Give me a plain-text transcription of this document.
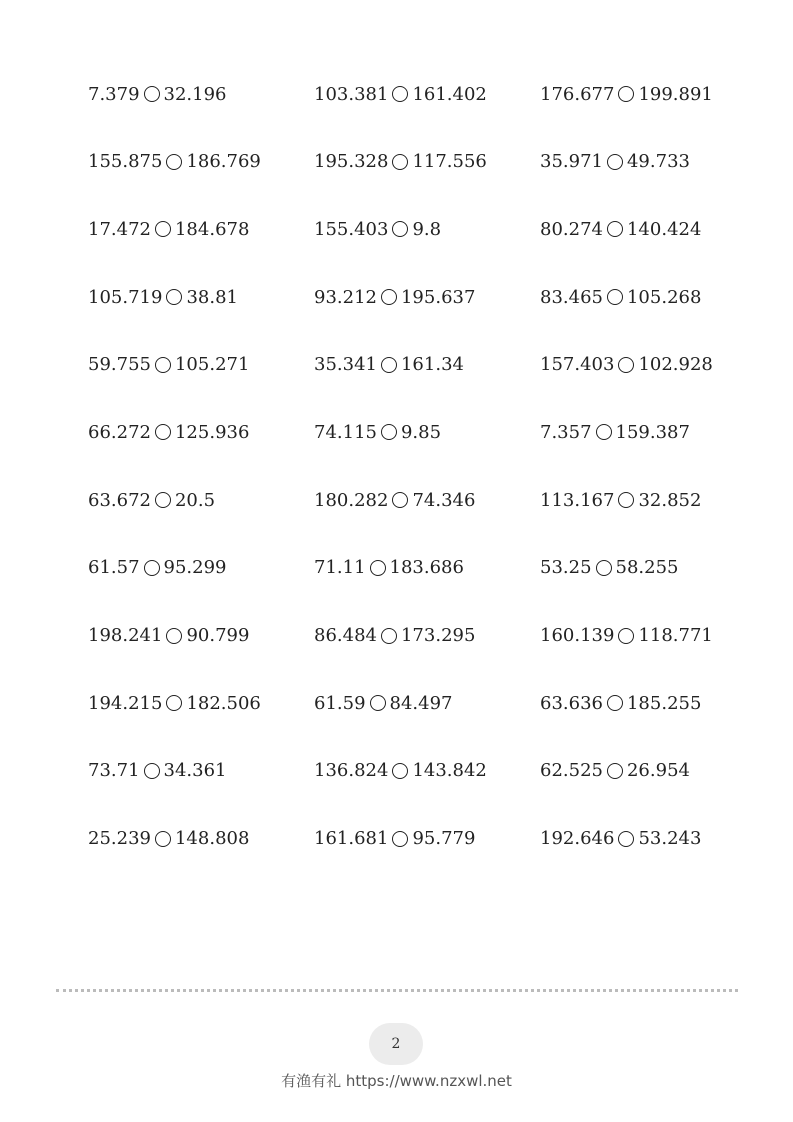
7.379 32.196	103.381 161.402	176.677 199.891
155.875 186.769	195.328 117.556	35.971 49.733
17.472 184.678	155.403 9.8	80.274 140.424
105.719 38.81	93.212 195.637	83.465 105.268
59.755 105.271	35.341 161.34	157.403 102.928
66.272 125.936	74.115 9.85	7.357 159.387
63.672 20.5	180.282 74.346	113.167 32.852
61.57 95.299	71.11 183.686	53.25 58.255
198.241 90.799	86.484 173.295	160.139 118.771
194.215 182.506	61.59 84.497	63.636 185.255
73.71 34.361	136.824 143.842	62.525 26.954
25.239 148.808	161.681 95.779	192.646 53.243
2
有渔有礼 https://www.nzxwl.net
